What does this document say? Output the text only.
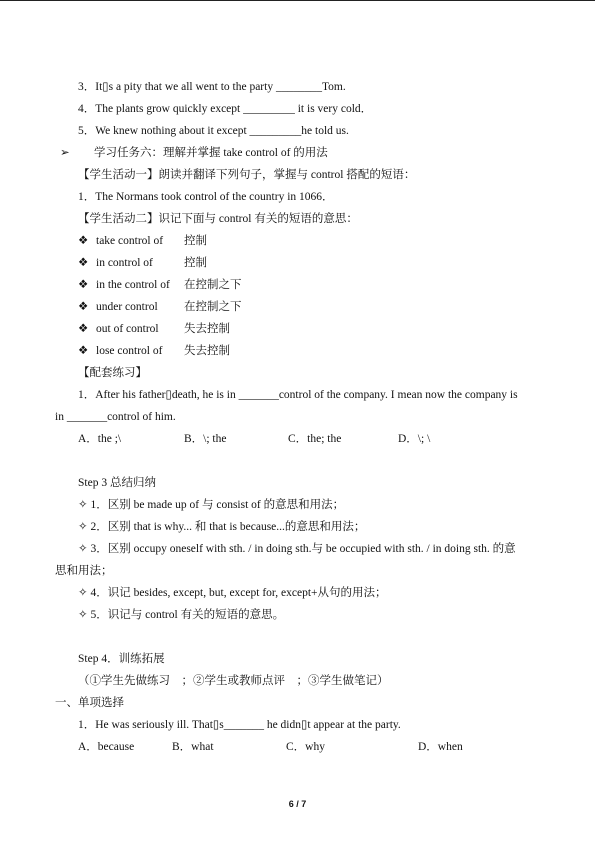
3．It▯s a pity that we all went to the party ________Tom.
4．The plants grow quickly except _________ it is very cold．
5．We knew nothing about it except _________he told us.
➢ 学习任务六：理解并掌握 take control of 的用法
【学生活动一】朗读并翻译下列句子，掌握与 control 搭配的短语：
1．The Normans took control of the country in 1066．
【学生活动二】识记下面与 control 有关的短语的意思：
❖ take control of 控制
❖ in control of	控制
❖ in the control of 在控制之下
❖ under control 在控制之下
❖ out of control 失去控制
❖ lose control of 失去控制
【配套练习】
1．After his father▯death, he is in _______control of the company. I mean now the company is
in _______control of him.
A．the ;\	B．\; the	C．the; the	D．\; \
Step 3 总结归纳
✧ 1．区别 be made up of 与 consist of 的意思和用法；
✧ 2．区别 that is why... 和 that is because...的意思和用法；
✧ 3．区别 occupy oneself with sth. / in doing sth.与 be occupied with sth. / in doing sth. 的意
思和用法；
✧ 4．识记 besides, except, but, except for, except+从句的用法；
✧ 5．识记与 control 有关的短语的意思。
Step 4．训练拓展
（①学生先做练习　；②学生或教师点评　；③学生做笔记）
一、单项选择
1．He was seriously ill. That▯s_______ he didn▯t appear at the party.
A．because	B．what	C．why	D．when
6 / 7
